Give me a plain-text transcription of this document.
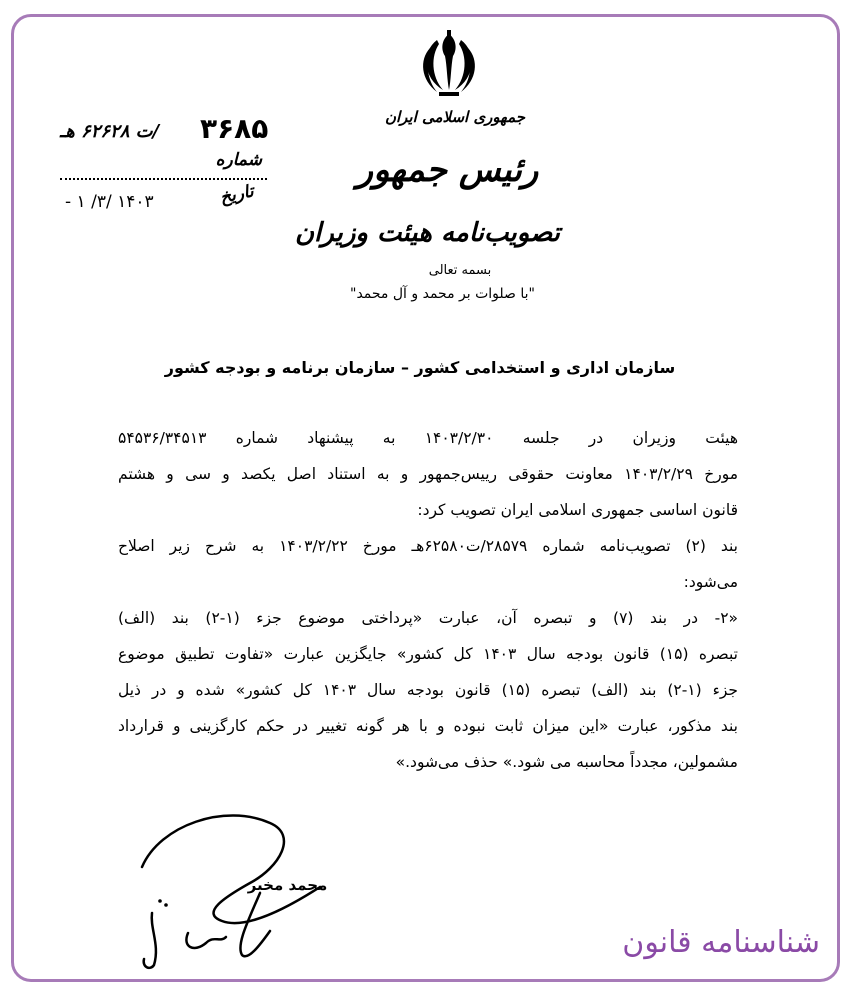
جمهوری اسلامی ایران
رئیس جمهور
تصویب‌نامه هیئت وزیران
بسمه تعالی
"با صلوات بر محمد و آل محمد"
۳۶۸۵
/ت ۶۲۶۲۸ هـ
شماره
تاریخ
۱۴۰۳ /۳/ ۱ -
سازمان اداری و استخدامی کشور – سازمان برنامه و بودجه کشور
هیئت وزیران در جلسه ۱۴۰۳/۲/۳۰ به پیشنهاد شماره ۵۴۵۳۶/۳۴۵۱۳
مورخ ۱۴۰۳/۲/۲۹ معاونت حقوقی رییس‌جمهور و به استناد اصل یکصد و سی و هشتم
قانون اساسی جمهوری اسلامی ایران تصویب کرد:
بند (۲) تصویب‌نامه شماره ۲۸۵۷۹/ت۶۲۵۸۰هـ مورخ ۱۴۰۳/۲/۲۲ به شرح زیر اصلاح
می‌شود:
«۲- در بند (۷) و تبصره آن، عبارت «پرداختی موضوع جزء (۱-۲) بند (الف)
تبصره (۱۵) قانون بودجه سال ۱۴۰۳ کل کشور» جایگزین عبارت «تفاوت تطبیق موضوع
جزء (۱-۲) بند (الف) تبصره (۱۵) قانون بودجه سال ۱۴۰۳ کل کشور» شده و در ذیل
بند مذکور، عبارت «این میزان ثابت نبوده و با هر گونه تغییر در حکم کارگزینی و قرارداد
مشمولین، مجدداً محاسبه می شود.» حذف می‌شود.»
محمد مخبر
شناسنامه قانون
